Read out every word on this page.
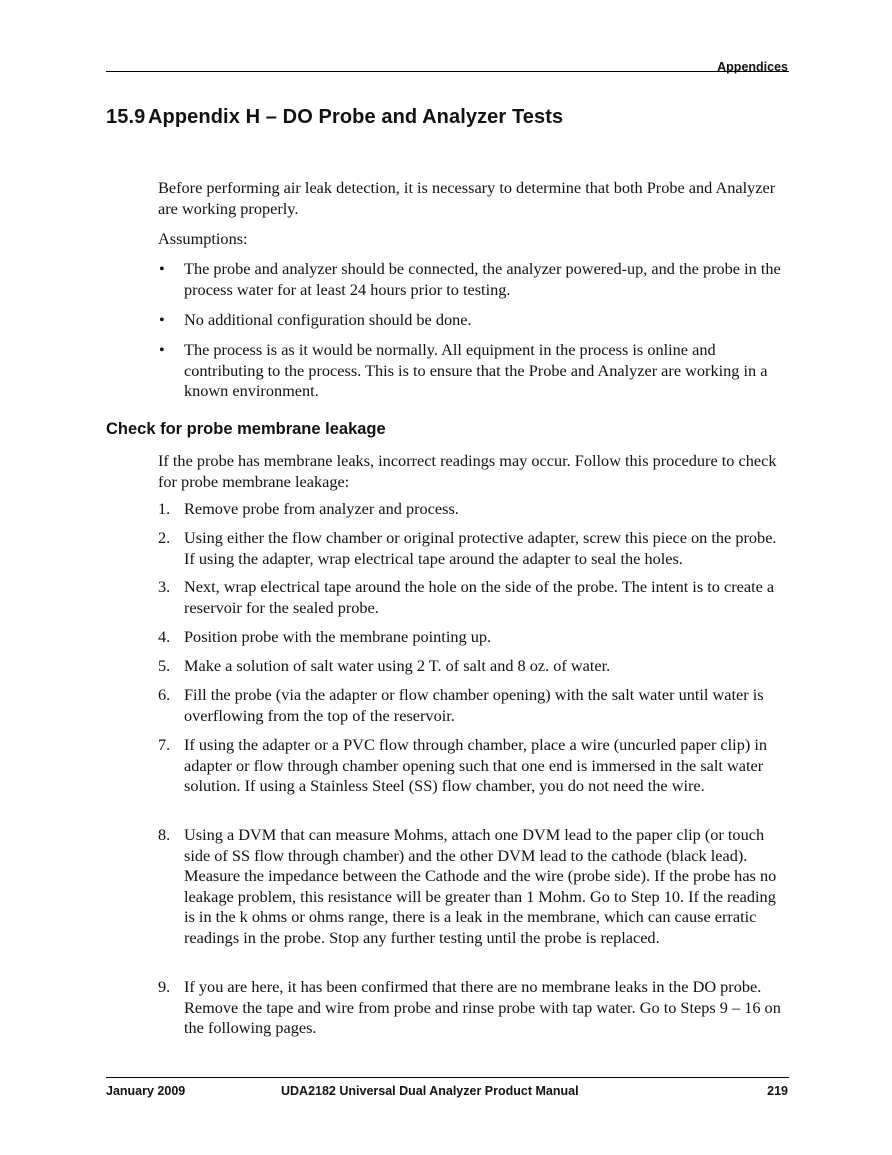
Appendices
15.9 Appendix H – DO Probe and Analyzer Tests

Before performing air leak detection, it is necessary to determine that both Probe and Analyzer are working properly.

Assumptions:

• The probe and analyzer should be connected, the analyzer powered-up, and the probe in the process water for at least 24 hours prior to testing.
• No additional configuration should be done.
• The process is as it would be normally. All equipment in the process is online and contributing to the process. This is to ensure that the Probe and Analyzer are working in a known environment.
Check for probe membrane leakage

If the probe has membrane leaks, incorrect readings may occur. Follow this procedure to check for probe membrane leakage:

1. Remove probe from analyzer and process.
2. Using either the flow chamber or original protective adapter, screw this piece on the probe. If using the adapter, wrap electrical tape around the adapter to seal the holes.
3. Next, wrap electrical tape around the hole on the side of the probe. The intent is to create a reservoir for the sealed probe.
4. Position probe with the membrane pointing up.
5. Make a solution of salt water using 2 T. of salt and 8 oz. of water.
6. Fill the probe (via the adapter or flow chamber opening) with the salt water until water is overflowing from the top of the reservoir.
7. If using the adapter or a PVC flow through chamber, place a wire (uncurled paper clip) in adapter or flow through chamber opening such that one end is immersed in the salt water solution. If using a Stainless Steel (SS) flow chamber, you do not need the wire.
8. Using a DVM that can measure Mohms, attach one DVM lead to the paper clip (or touch side of SS flow through chamber) and the other DVM lead to the cathode (black lead). Measure the impedance between the Cathode and the wire (probe side). If the probe has no leakage problem, this resistance will be greater than 1 Mohm. Go to Step 10. If the reading is in the k ohms or ohms range, there is a leak in the membrane, which can cause erratic readings in the probe. Stop any further testing until the probe is replaced.
9. If you are here, it has been confirmed that there are no membrane leaks in the DO probe. Remove the tape and wire from probe and rinse probe with tap water. Go to Steps 9 – 16 on the following pages.
January 2009	UDA2182 Universal Dual Analyzer Product Manual	219
